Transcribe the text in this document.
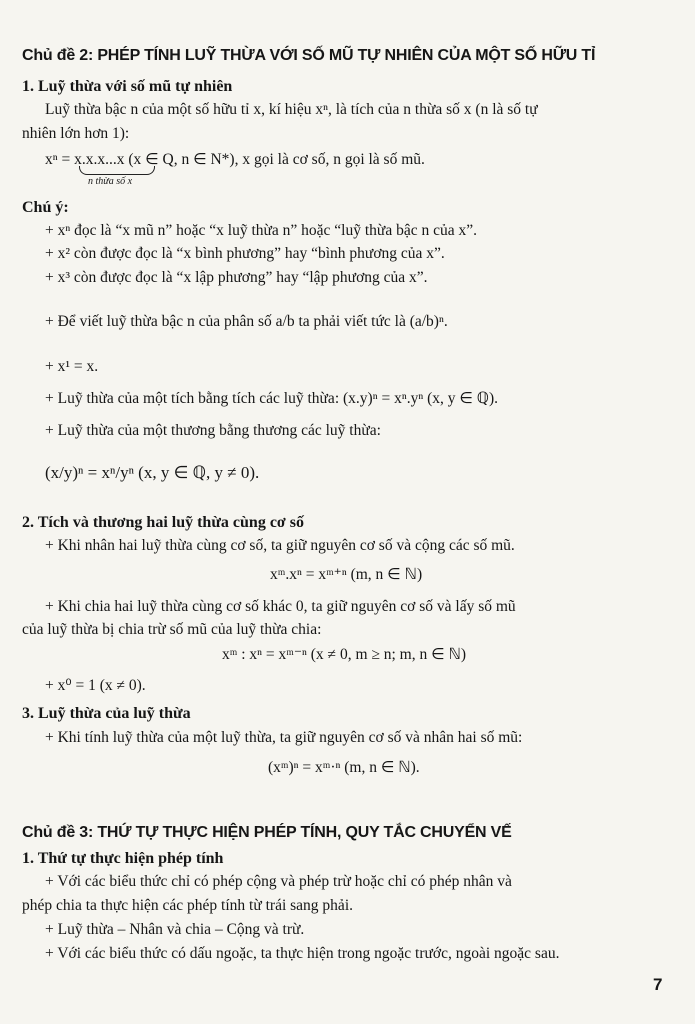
Chủ đề 2: PHÉP TÍNH LUỸ THỪA VỚI SỐ MŨ TỰ NHIÊN CỦA MỘT SỐ HỮU TỈ
1. Luỹ thừa với số mũ tự nhiên
Luỹ thừa bậc n của một số hữu tỉ x, kí hiệu xⁿ, là tích của n thừa số x (n là số tự
nhiên lớn hơn 1):
xⁿ = x.x.x...x (x ∈ Q, n ∈ N*), x gọi là cơ số, n gọi là số mũ.
n thừa số x
Chú ý:
+ xⁿ đọc là “x mũ n” hoặc “x luỹ thừa n” hoặc “luỹ thừa bậc n của x”.
+ x² còn được đọc là “x bình phương” hay “bình phương của x”.
+ x³ còn được đọc là “x lập phương” hay “lập phương của x”.
+ Để viết luỹ thừa bậc n của phân số a/b ta phải viết tức là (a/b)ⁿ.
+ x¹ = x.
+ Luỹ thừa của một tích bằng tích các luỹ thừa: (x.y)ⁿ = xⁿ.yⁿ (x, y ∈ ℚ).
+ Luỹ thừa của một thương bằng thương các luỹ thừa:
(x/y)ⁿ = xⁿ/yⁿ (x, y ∈ ℚ, y ≠ 0).
2. Tích và thương hai luỹ thừa cùng cơ số
+ Khi nhân hai luỹ thừa cùng cơ số, ta giữ nguyên cơ số và cộng các số mũ.
xᵐ.xⁿ = xᵐ⁺ⁿ (m, n ∈ ℕ)
+ Khi chia hai luỹ thừa cùng cơ số khác 0, ta giữ nguyên cơ số và lấy số mũ
của luỹ thừa bị chia trừ số mũ của luỹ thừa chia:
xᵐ : xⁿ = xᵐ⁻ⁿ (x ≠ 0, m ≥ n; m, n ∈ ℕ)
+ x⁰ = 1 (x ≠ 0).
3. Luỹ thừa của luỹ thừa
+ Khi tính luỹ thừa của một luỹ thừa, ta giữ nguyên cơ số và nhân hai số mũ:
(xᵐ)ⁿ = xᵐ·ⁿ (m, n ∈ ℕ).
Chủ đề 3: THỨ TỰ THỰC HIỆN PHÉP TÍNH, QUY TẮC CHUYỂN VẾ
1. Thứ tự thực hiện phép tính
+ Với các biểu thức chỉ có phép cộng và phép trừ hoặc chỉ có phép nhân và
phép chia ta thực hiện các phép tính từ trái sang phải.
+ Luỹ thừa – Nhân và chia – Cộng và trừ.
+ Với các biểu thức có dấu ngoặc, ta thực hiện trong ngoặc trước, ngoài ngoặc sau.
7
